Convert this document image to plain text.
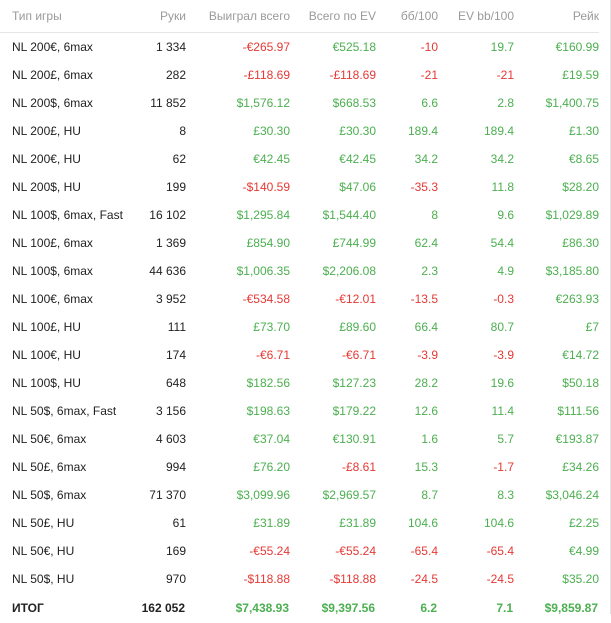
Тип игры	Руки	Выиграл всего	Всего по EV	бб/100	EV bb/100	Рейк
NL 200€, 6max	1 334	-€265.97	€525.18	-10	19.7	€160.99
NL 200£, 6max	282	-£118.69	-£118.69	-21	-21	£19.59
NL 200$, 6max	11 852	$1,576.12	$668.53	6.6	2.8	$1,400.75
NL 200£, HU	8	£30.30	£30.30	189.4	189.4	£1.30
NL 200€, HU	62	€42.45	€42.45	34.2	34.2	€8.65
NL 200$, HU	199	-$140.59	$47.06	-35.3	11.8	$28.20
NL 100$, 6max, Fast	16 102	$1,295.84	$1,544.40	8	9.6	$1,029.89
NL 100£, 6max	1 369	£854.90	£744.99	62.4	54.4	£86.30
NL 100$, 6max	44 636	$1,006.35	$2,206.08	2.3	4.9	$3,185.80
NL 100€, 6max	3 952	-€534.58	-€12.01	-13.5	-0.3	€263.93
NL 100£, HU	111	£73.70	£89.60	66.4	80.7	£7
NL 100€, HU	174	-€6.71	-€6.71	-3.9	-3.9	€14.72
NL 100$, HU	648	$182.56	$127.23	28.2	19.6	$50.18
NL 50$, 6max, Fast	3 156	$198.63	$179.22	12.6	11.4	$111.56
NL 50€, 6max	4 603	€37.04	€130.91	1.6	5.7	€193.87
NL 50£, 6max	994	£76.20	-£8.61	15.3	-1.7	£34.26
NL 50$, 6max	71 370	$3,099.96	$2,969.57	8.7	8.3	$3,046.24
NL 50£, HU	61	£31.89	£31.89	104.6	104.6	£2.25
NL 50€, HU	169	-€55.24	-€55.24	-65.4	-65.4	€4.99
NL 50$, HU	970	-$118.88	-$118.88	-24.5	-24.5	$35.20
ИТОГ	162 052	$7,438.93	$9,397.56	6.2	7.1	$9,859.87
